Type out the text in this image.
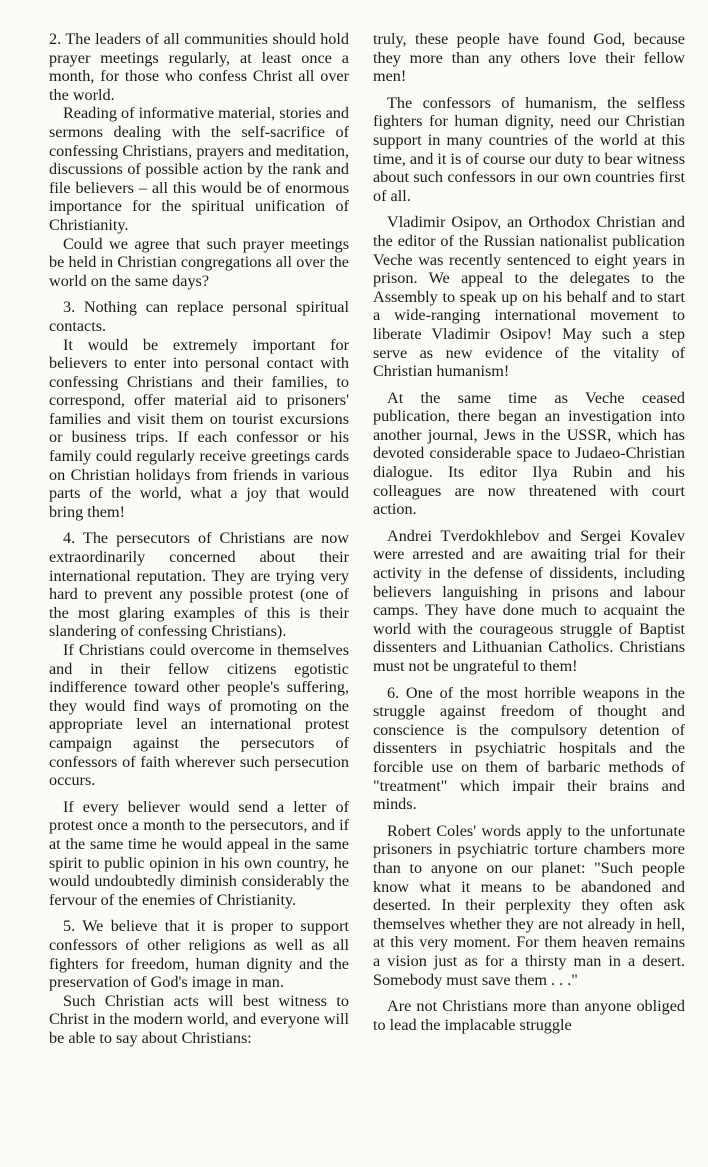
2. The leaders of all communities should hold prayer meetings regularly, at least once a month, for those who confess Christ all over the world.

Reading of informative material, stories and sermons dealing with the self-sacrifice of confessing Christians, prayers and meditation, discussions of possible action by the rank and file believers – all this would be of enormous importance for the spiritual unification of Christianity.

Could we agree that such prayer meetings be held in Christian congregations all over the world on the same days?

3. Nothing can replace personal spiritual contacts.

It would be extremely important for believers to enter into personal contact with confessing Christians and their families, to correspond, offer material aid to prisoners' families and visit them on tourist excursions or business trips. If each confessor or his family could regularly receive greetings cards on Christian holidays from friends in various parts of the world, what a joy that would bring them!

4. The persecutors of Christians are now extraordinarily concerned about their international reputation. They are trying very hard to prevent any possible protest (one of the most glaring examples of this is their slandering of confessing Christians).

If Christians could overcome in themselves and in their fellow citizens egotistic indifference toward other people's suffering, they would find ways of promoting on the appropriate level an international protest campaign against the persecutors of confessors of faith wherever such persecution occurs.

If every believer would send a letter of protest once a month to the persecutors, and if at the same time he would appeal in the same spirit to public opinion in his own country, he would undoubtedly diminish considerably the fervour of the enemies of Christianity.

5. We believe that it is proper to support confessors of other religions as well as all fighters for freedom, human dignity and the preservation of God's image in man.

Such Christian acts will best witness to Christ in the modern world, and everyone will be able to say about Christians:

truly, these people have found God, because they more than any others love their fellow men!

The confessors of humanism, the selfless fighters for human dignity, need our Christian support in many countries of the world at this time, and it is of course our duty to bear witness about such confessors in our own countries first of all.

Vladimir Osipov, an Orthodox Christian and the editor of the Russian nationalist publication Veche was recently sentenced to eight years in prison. We appeal to the delegates to the Assembly to speak up on his behalf and to start a wide-ranging international movement to liberate Vladimir Osipov! May such a step serve as new evidence of the vitality of Christian humanism!

At the same time as Veche ceased publication, there began an investigation into another journal, Jews in the USSR, which has devoted considerable space to Judaeo-Christian dialogue. Its editor Ilya Rubin and his colleagues are now threatened with court action.

Andrei Tverdokhlebov and Sergei Kovalev were arrested and are awaiting trial for their activity in the defense of dissidents, including believers languishing in prisons and labour camps. They have done much to acquaint the world with the courageous struggle of Baptist dissenters and Lithuanian Catholics. Christians must not be ungrateful to them!

6. One of the most horrible weapons in the struggle against freedom of thought and conscience is the compulsory detention of dissenters in psychiatric hospitals and the forcible use on them of barbaric methods of "treatment" which impair their brains and minds.

Robert Coles' words apply to the unfortunate prisoners in psychiatric torture chambers more than to anyone on our planet: "Such people know what it means to be abandoned and deserted. In their perplexity they often ask themselves whether they are not already in hell, at this very moment. For them heaven remains a vision just as for a thirsty man in a desert. Somebody must save them . . ."

Are not Christians more than anyone obliged to lead the implacable struggle
